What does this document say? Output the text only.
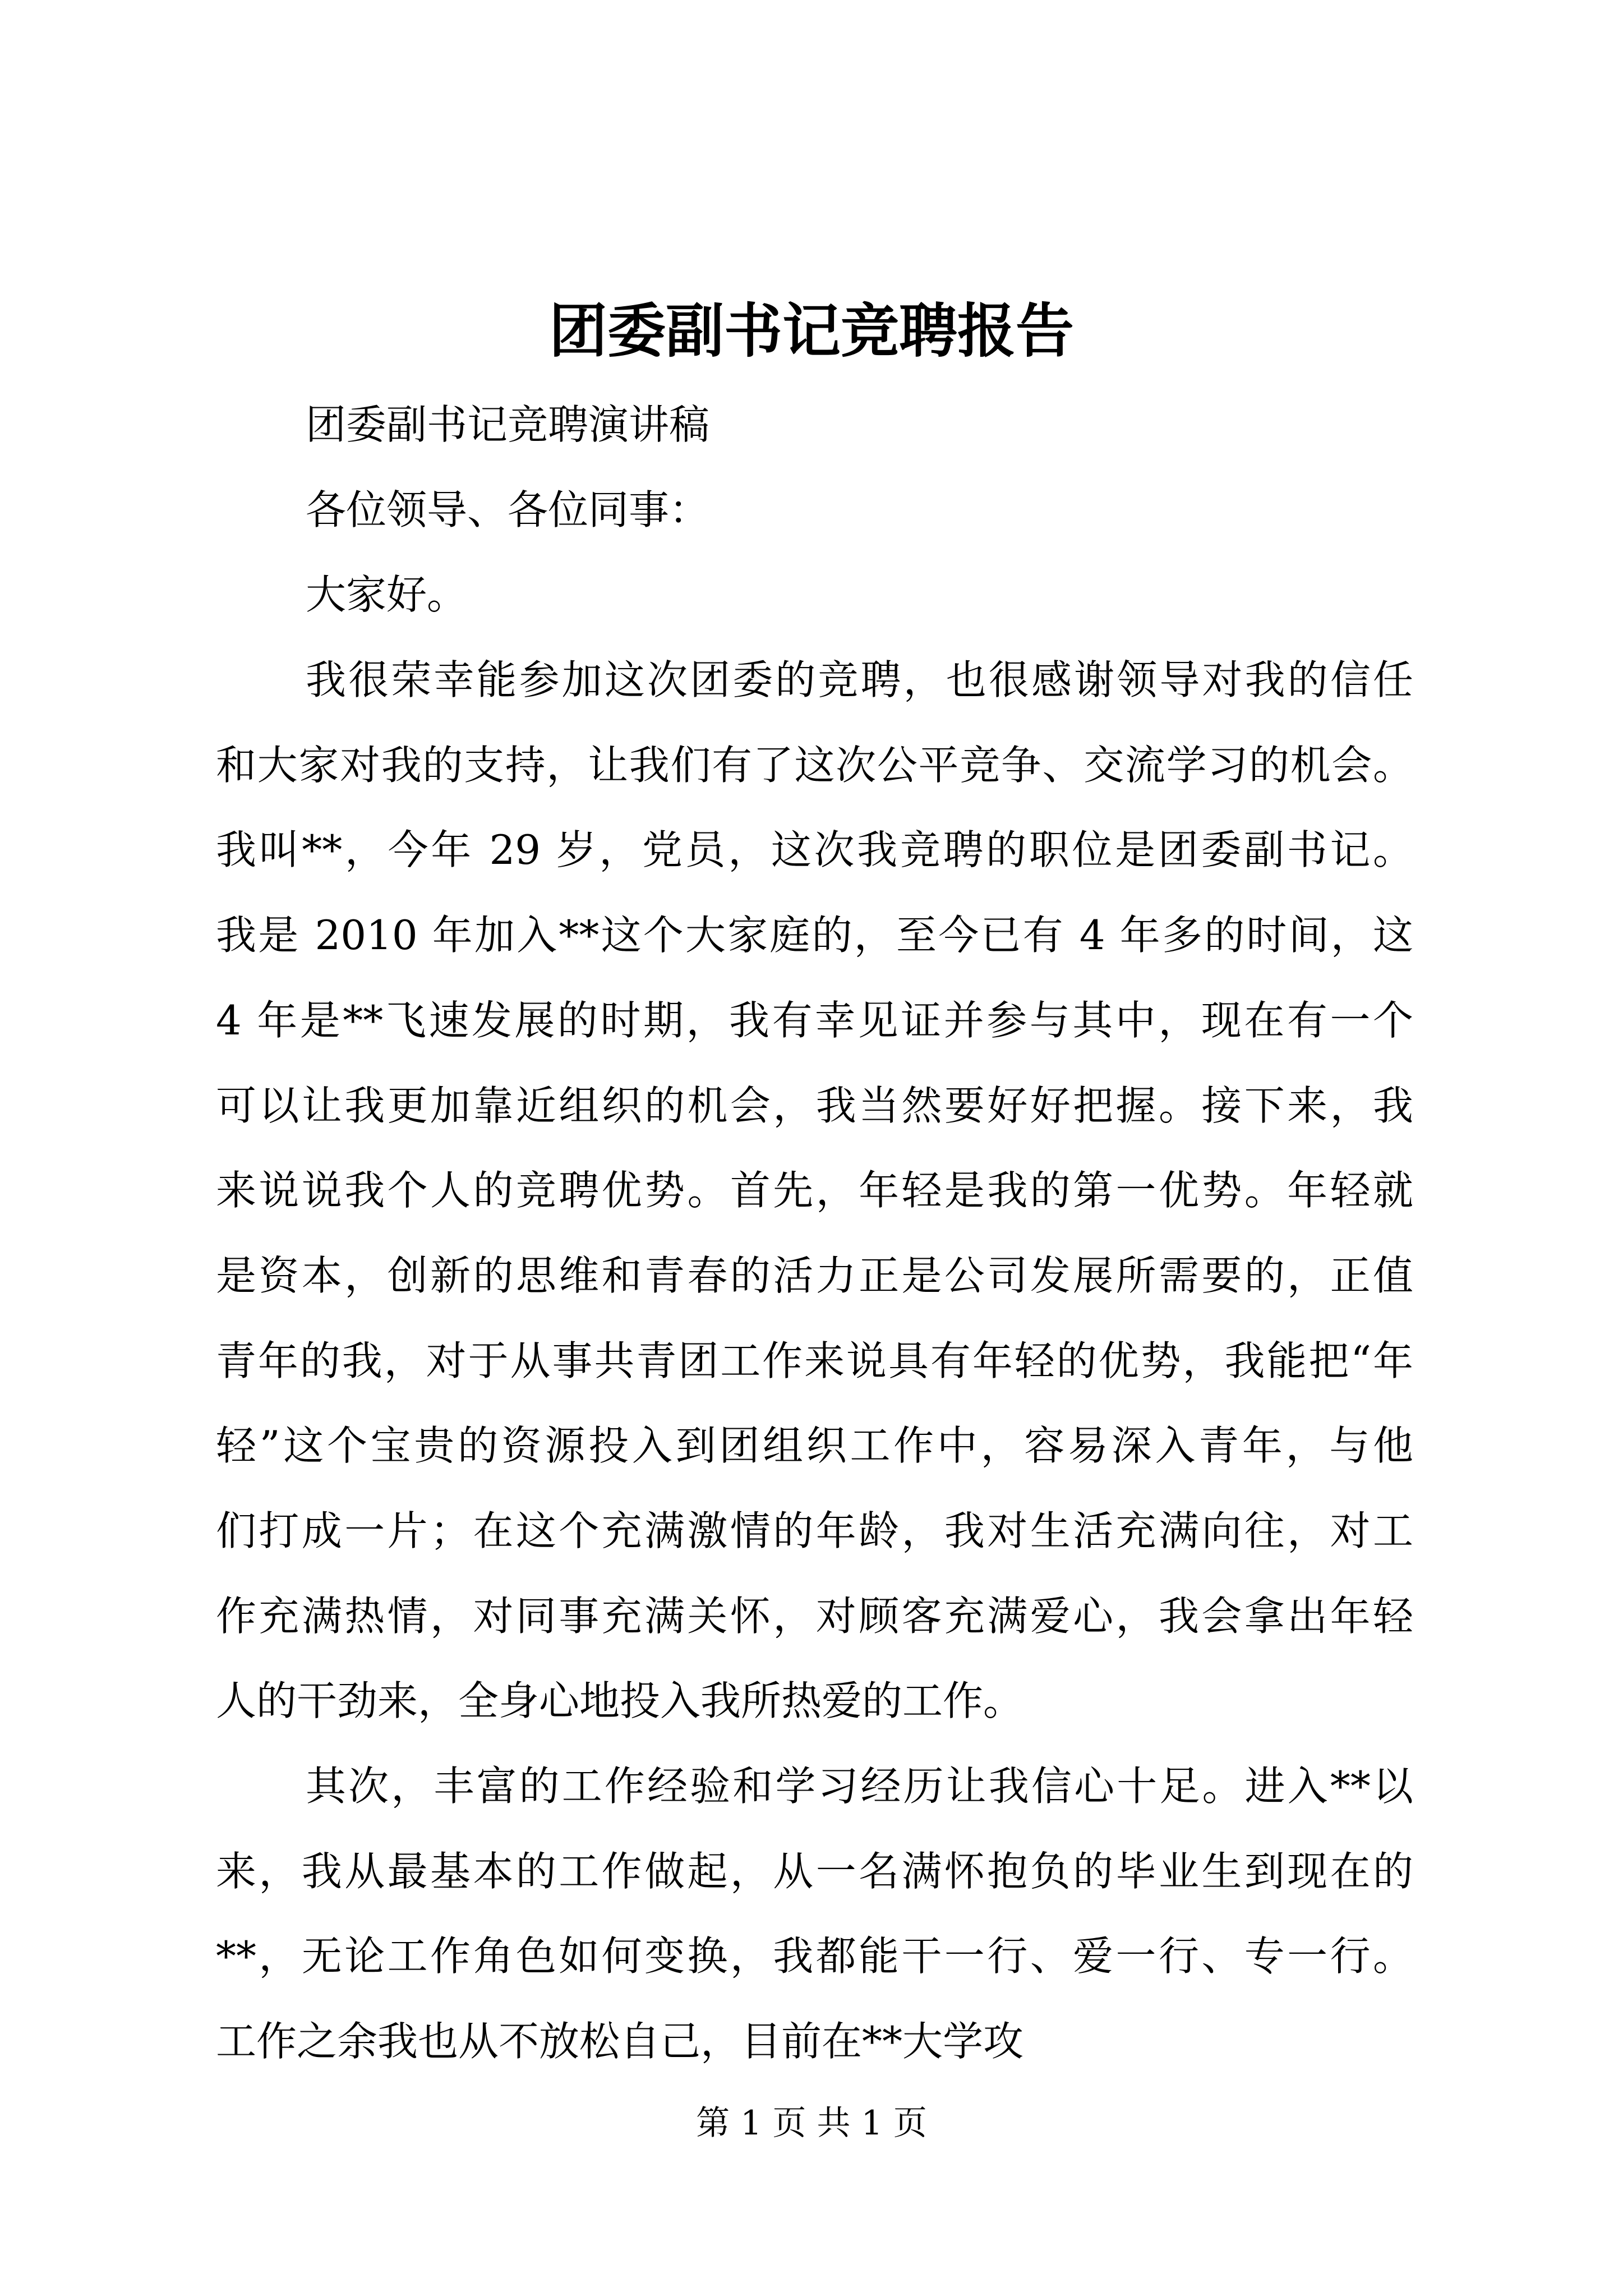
团委副书记竞聘报告
团委副书记竞聘演讲稿
各位领导、各位同事：
大家好。
我很荣幸能参加这次团委的竞聘，也很感谢领导对我的信任
和大家对我的支持，让我们有了这次公平竞争、交流学习的机会。
我叫**，今年 29 岁，党员，这次我竞聘的职位是团委副书记。
我是 2010 年加入**这个大家庭的，至今已有 4 年多的时间，这
4 年是**飞速发展的时期，我有幸见证并参与其中，现在有一个
可以让我更加靠近组织的机会，我当然要好好把握。接下来，我
来说说我个人的竞聘优势。首先，年轻是我的第一优势。年轻就
是资本，创新的思维和青春的活力正是公司发展所需要的，正值
青年的我，对于从事共青团工作来说具有年轻的优势，我能把“年
轻”这个宝贵的资源投入到团组织工作中，容易深入青年，与他
们打成一片；在这个充满激情的年龄，我对生活充满向往，对工
作充满热情，对同事充满关怀，对顾客充满爱心，我会拿出年轻
人的干劲来，全身心地投入我所热爱的工作。
其次，丰富的工作经验和学习经历让我信心十足。进入**以
来，我从最基本的工作做起，从一名满怀抱负的毕业生到现在的
**，无论工作角色如何变换，我都能干一行、爱一行、专一行。
工作之余我也从不放松自己，目前在**大学攻
第 1 页 共 1 页
